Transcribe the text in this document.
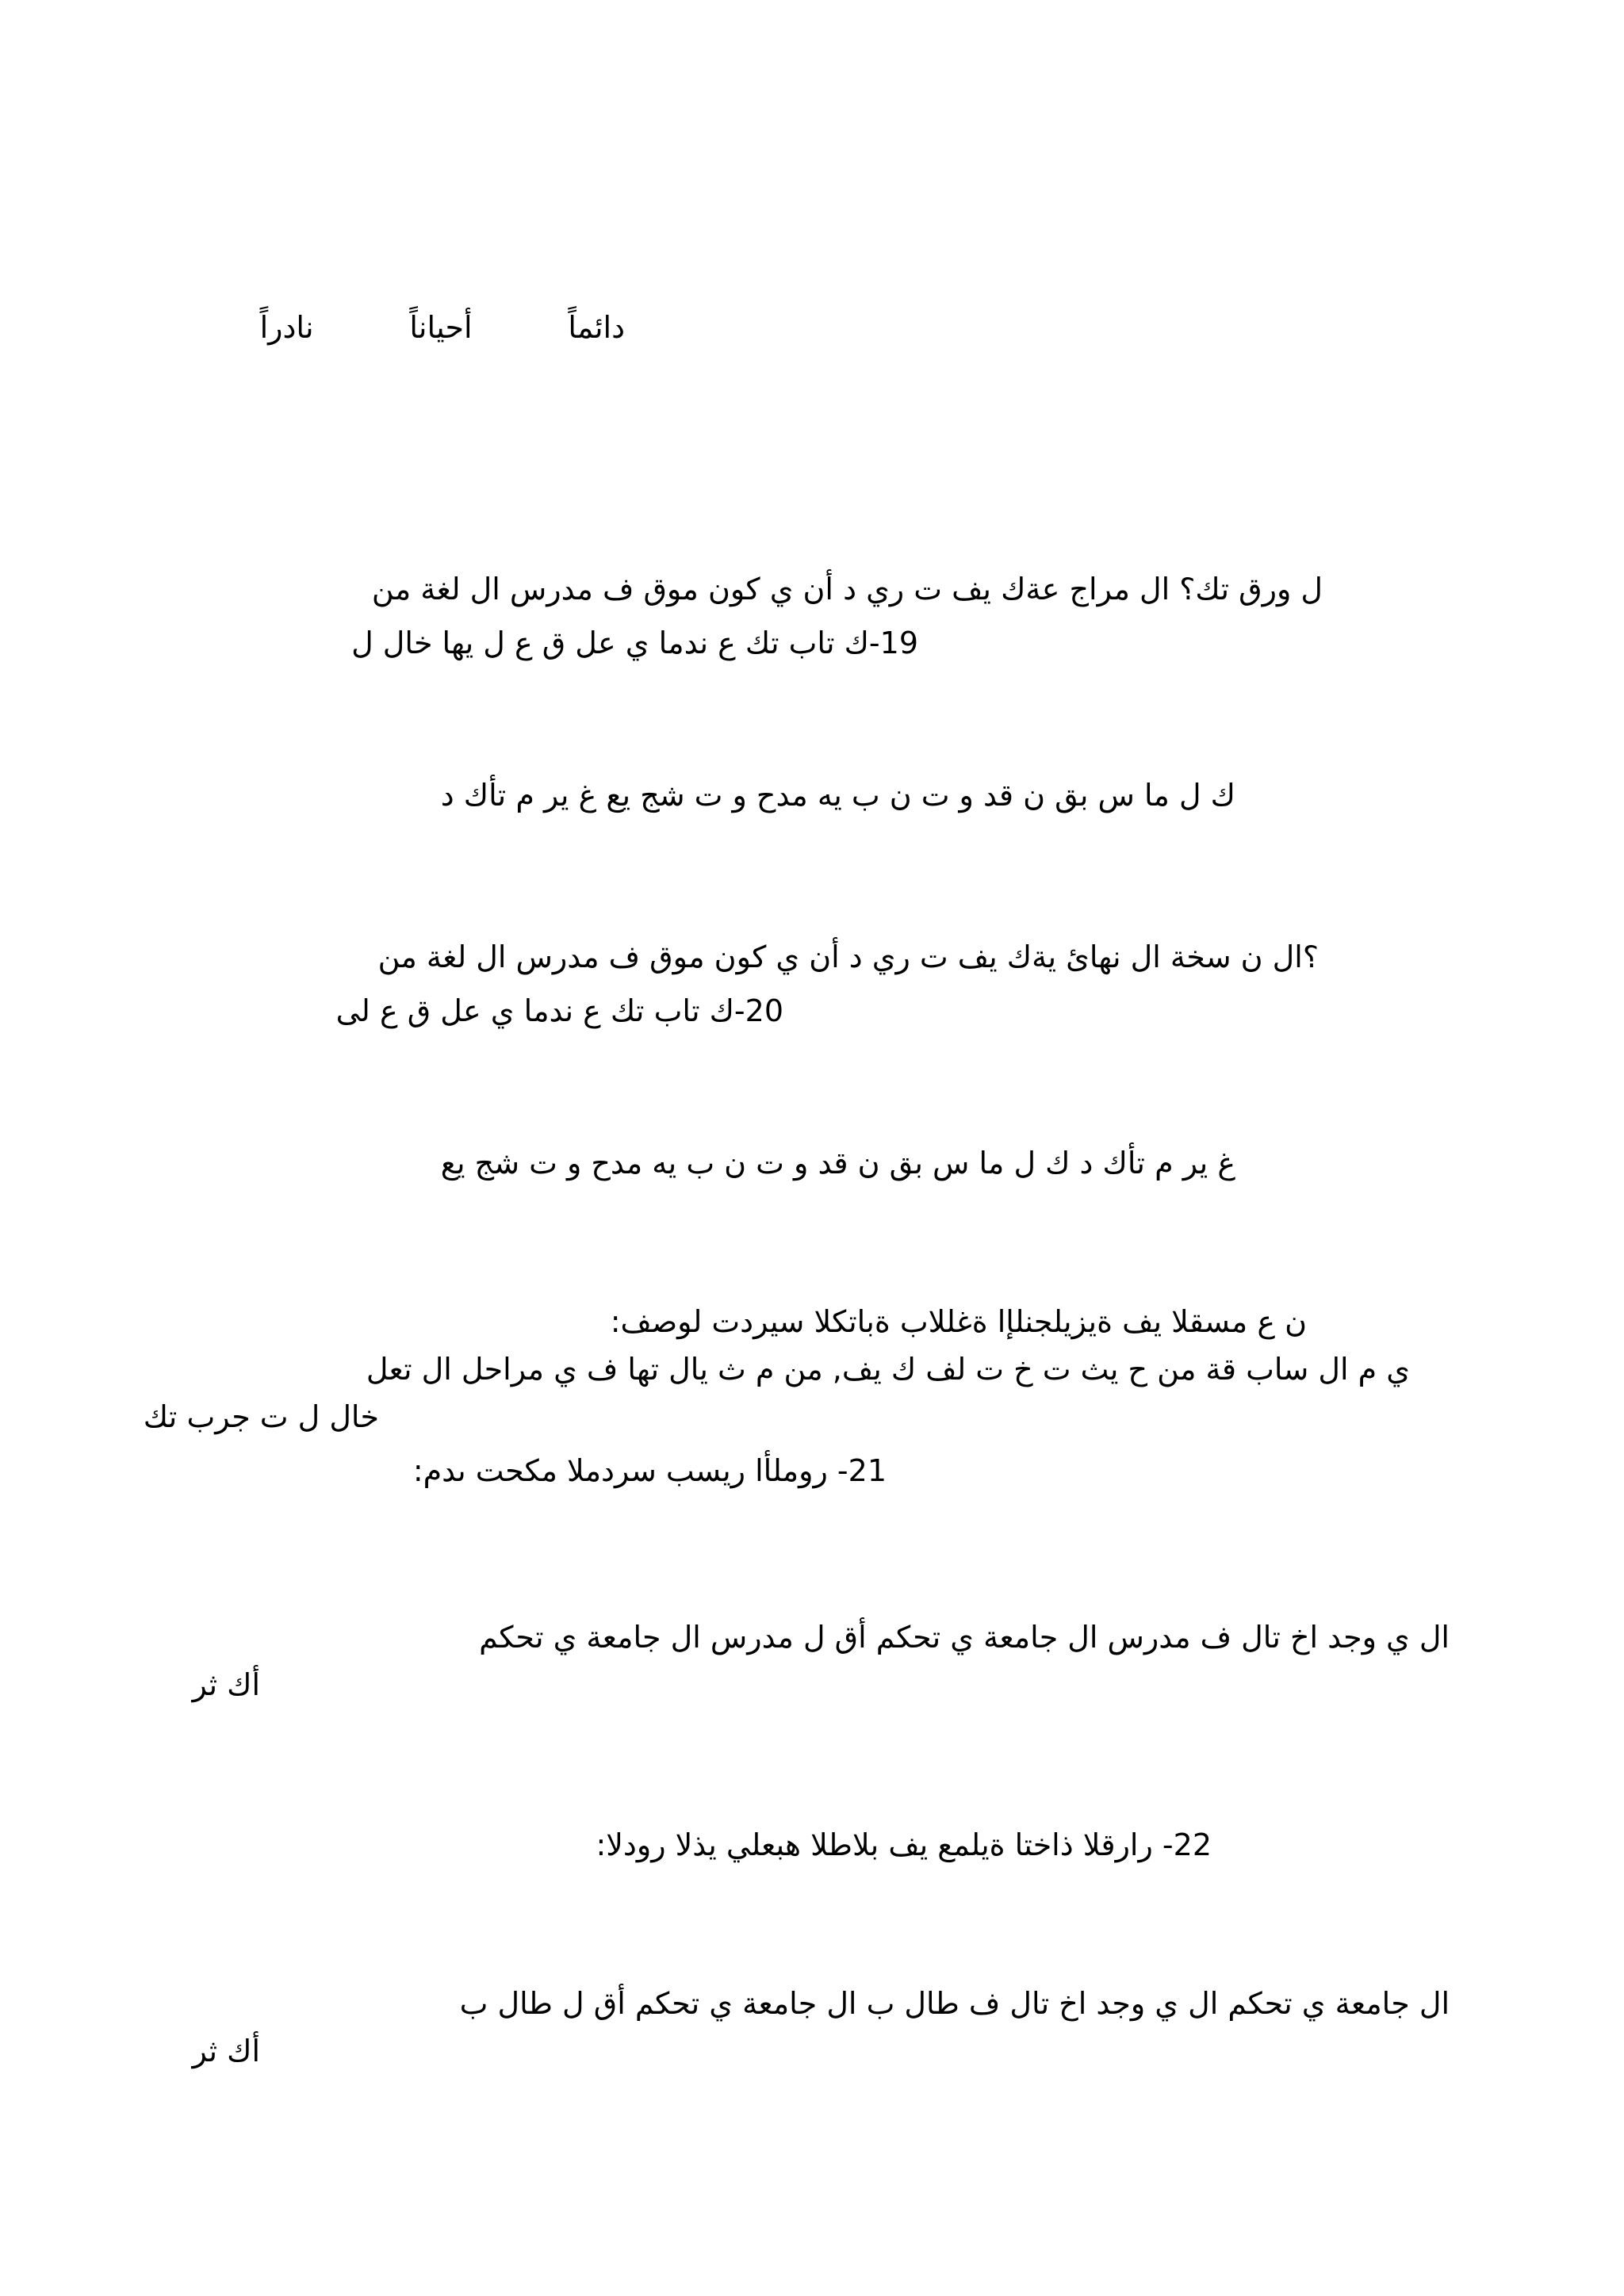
دائماً          أحياناً          نادراً
ل ورق تك؟ ال مراج عةك يف ت ري د أن ي كون موق ف مدرس ال لغة من
19-ك تاب تك ع ندما ي عل ق ع ل يها خال ل
ك ل ما س بق ن قد و ت ن ب يه مدح و ت شج يع غ ير م تأك د
؟ال ن سخة ال نهائ يةك يف ت ري د أن ي كون موق ف مدرس ال لغة من
20-ك تاب تك ع ندما ي عل ق ع لى
غ ير م تأك د ك ل ما س بق ن قد و ت ن ب يه مدح و ت شج يع
ن ع مسقلا يف ةيزيلجنلإا ةغللاب ةباتكلا سيردت لوصف:
ي م ال ساب قة من ح يث ت خ ت لف ك يف, من م ث يال تها ف ي مراحل ال تعل
خال ل ت جرب تك
21- روملأا ريسب سردملا مكحت ىدم:
ال ي وجد اخ تال ف مدرس ال جامعة ي تحكم أق ل مدرس ال جامعة ي تحكم
أك ثر
22- رارقلا ذاختا ةيلمع يف بلاطلا هبعلي يذلا رودلا:
ال جامعة ي تحكم ال ي وجد اخ تال ف طال ب ال جامعة ي تحكم أق ل طال ب
أك ثر
